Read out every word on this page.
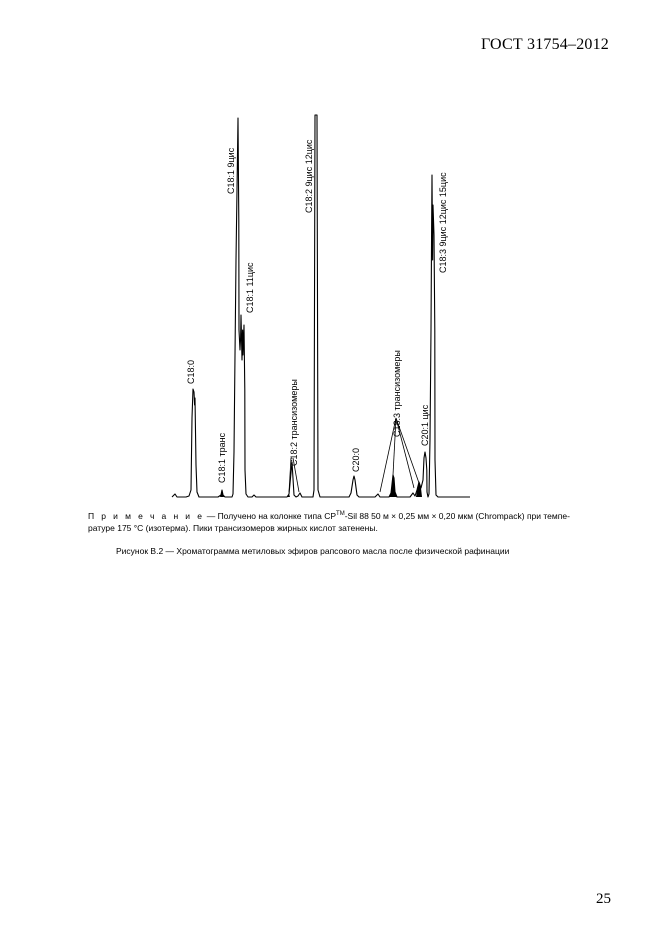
ГОСТ 31754–2012
C18:0
C18:1 транс
C18:1 9цис
C18:1 11цис
C18:2 трансизомеры
C18:2 9цис 12цис
C20:0
C18:3 трансизомеры C20:1 цис
C18:3 9цис 12цис 15цис
П р и м е ч а н и е — Получено на колонке типа CP™-Sil 88 50 м × 0,25 мм × 0,20 мкм (Chrompack) при темпе-
ратуре 175 °C (изотерма). Пики трансизомеров жирных кислот затенены.
Рисунок В.2 — Хроматограмма метиловых эфиров рапсового масла после физической рафинации
25
